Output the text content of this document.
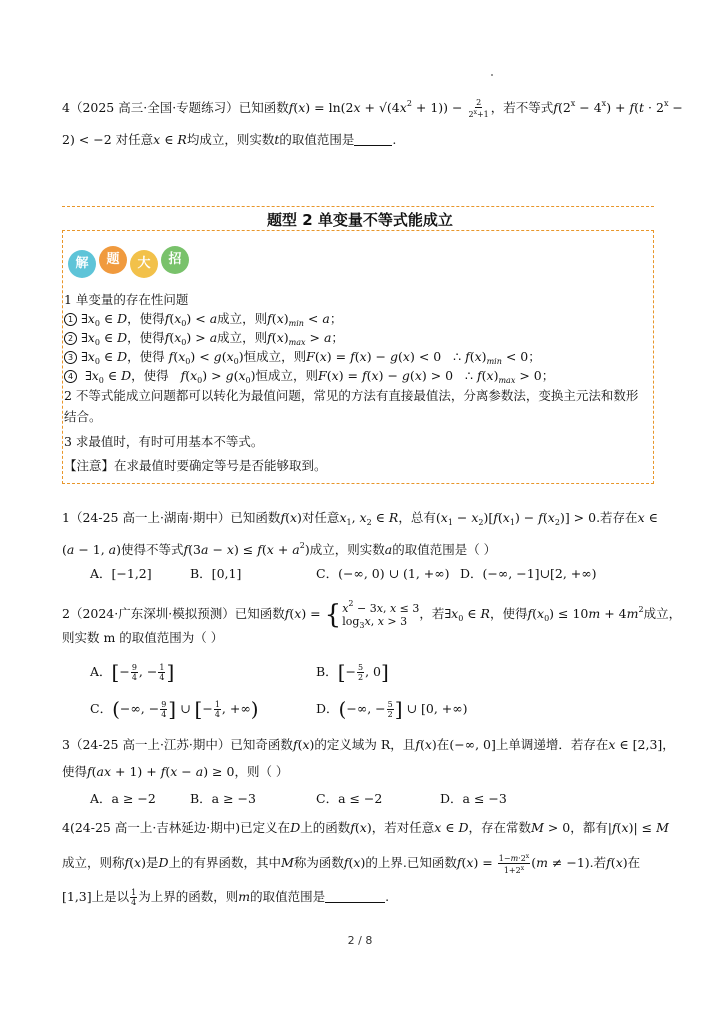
4（2025 高三·全国·专题练习）已知函数$f(x) = \ln(2x + √(4x^2 + 1)) - \frac{2}{2^x+1}$ ，若不等式$f(2^x - 4^x) + f(t \cdot 2^x$ −
2) < −2 对任意x ∈ R均成立，则实数t的取值范围是	.
题型 2 单变量不等式能成立
解	题	大	招
1 单变量的存在性问题
1 $\exists x_0$ ∈ D，使得$f(x_0) < a$成立，则$f(x)_{min} < a$；
2 $\exists x_0$ ∈ D，使得$f(x_0) > a$成立，则$f(x)_{max} > a$；
3 $\exists x_0$ ∈ D，使得 $f(x_0) < g(x_0)$恒成立，则F(x) = f(x) − g(x) < 0   ∴ $f(x)_{min} < 0$；
4  $\exists x_0$ ∈ D，使得 $f(x_0) > g(x_0)$恒成立，则F(x) = f(x) − g(x) > 0   ∴ $f(x)_{max} > 0$；
2 不等式能成立问题都可以转化为最值问题，常见的方法有直接最值法，分离参数法，变换主元法和数形
结合。
3 求最值时，有时可用基本不等式。
【注意】在求最值时要确定等号是否能够取到。
1（24-25 高一上·湖南·期中）已知函数f(x)对任意$x_1$, $x_2$ ∈ R，总有$(x_1 - x_2)[f(x_1) - f(x_2)] > 0$.若存在x ∈
(a − 1, a)使得不等式$f(3a - x) \le f(x + a^2)$成立，则实数a的取值范围是（ ）
A．[−1,2]	B．[0,1]	C．(−∞, 0) ∪ (1, +∞) D．(−∞, −1]∪[2, +∞)
2（2024·广东深圳·模拟预测）已知函数f(x) = { $x^2 - 3x$, x ≤ 3
$\log_3x$, x > 3
，若$\exists x_0$ ∈ R，使得$f(x_0) \le 10m + 4m^2$成立，
则实数 m 的取值范围为（ ）
A．[− $\frac{9}{4}$ , − $\frac{1}{4}$ ]	B．[− $\frac{5}{2}$ , 0]
C．(−∞, − $\frac{9}{4}$ ] ∪ [− $\frac{1}{4}$ , +∞)	D．(−∞, − $\frac{5}{2}$ ] ∪ [0, +∞)
3（24-25 高一上·江苏·期中）已知奇函数f(x)的定义域为 R，且f(x)在(−∞, 0]上单调递增．若存在x ∈ [2,3]，
使得f(ax + 1) + f(x − a) ≥ 0，则（ ）
A．a ≥ −2	B．a ≥ −3	C．a ≤ −2	D．a ≤ −3
4(24-25 高一上·吉林延边·期中)已定义在D上的函数f(x)，若对任意x ∈ D，存在常数M > 0，都有|f(x)| ≤ M
成立，则称f(x)是D上的有界函数，其中M称为函数f(x)的上界.已知函数$f(x) = \frac{1-m\cdot 2^x}{1+2^x} (m \ne -1)$.若f(x)在
[1,3]上是以 $\frac{1}{4}$ 为上界的函数，则m的取值范围是	.
2 / 8
